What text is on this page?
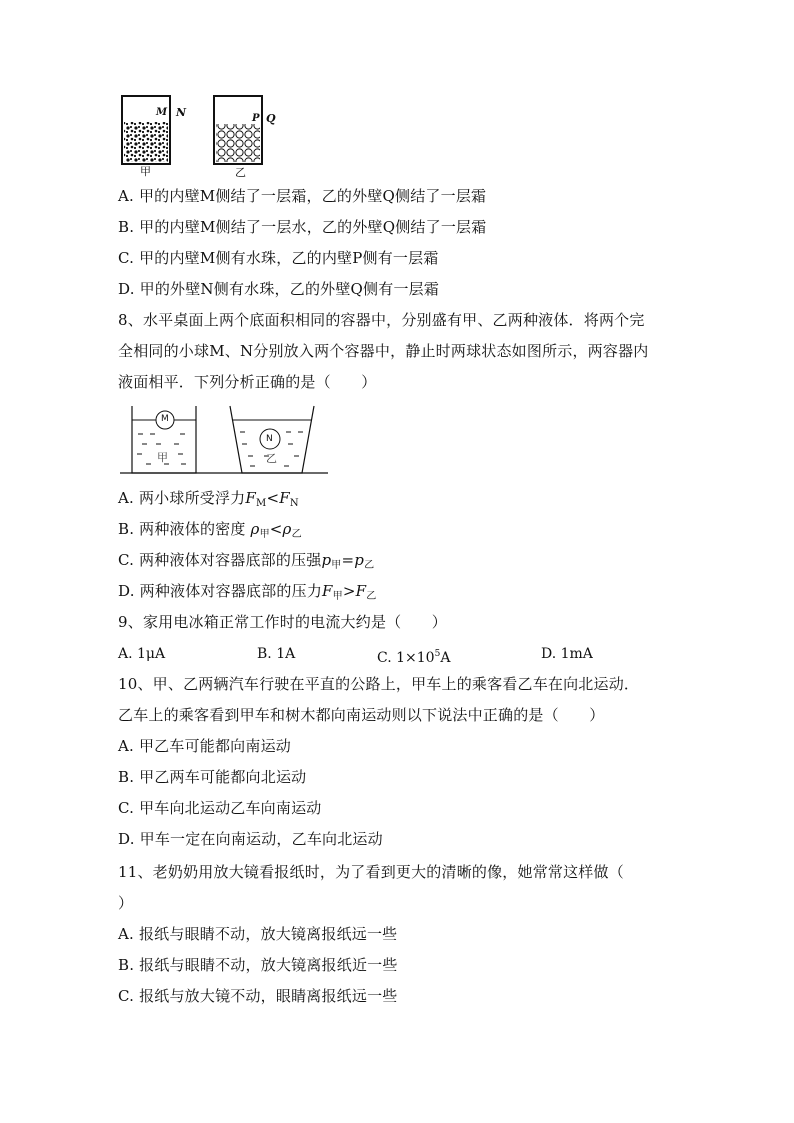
M N
甲
P Q
乙
A. 甲的内壁M侧结了一层霜，乙的外壁Q侧结了一层霜
B. 甲的内壁M侧结了一层水，乙的外壁Q侧结了一层霜
C. 甲的内壁M侧有水珠，乙的内壁P侧有一层霜
D. 甲的外壁N侧有水珠，乙的外壁Q侧有一层霜
8、水平桌面上两个底面积相同的容器中，分别盛有甲、乙两种液体．将两个完
全相同的小球M、N分别放入两个容器中，静止时两球状态如图所示，两容器内
液面相平．下列分析正确的是（　　）
M
N
甲	乙
A. 两小球所受浮力$F_M<F_N$
B. 两种液体的密度 $\rho_甲<\rho_乙$
C. 两种液体对容器底部的压强$p_甲=p_乙$
D. 两种液体对容器底部的压力$F_甲>F_乙$
9、家用电冰箱正常工作时的电流大约是（　　）
A. 1μA	B. 1A	C. $1\times 10^5A$	D. 1mA
10、甲、乙两辆汽车行驶在平直的公路上，甲车上的乘客看乙车在向北运动．
乙车上的乘客看到甲车和树木都向南运动则以下说法中正确的是（　　）
A. 甲乙车可能都向南运动
B. 甲乙两车可能都向北运动
C. 甲车向北运动乙车向南运动
D. 甲车一定在向南运动，乙车向北运动
11、老奶奶用放大镜看报纸时，为了看到更大的清晰的像，她常常这样做（
）
A. 报纸与眼睛不动，放大镜离报纸远一些
B. 报纸与眼睛不动，放大镜离报纸近一些
C. 报纸与放大镜不动，眼睛离报纸远一些
